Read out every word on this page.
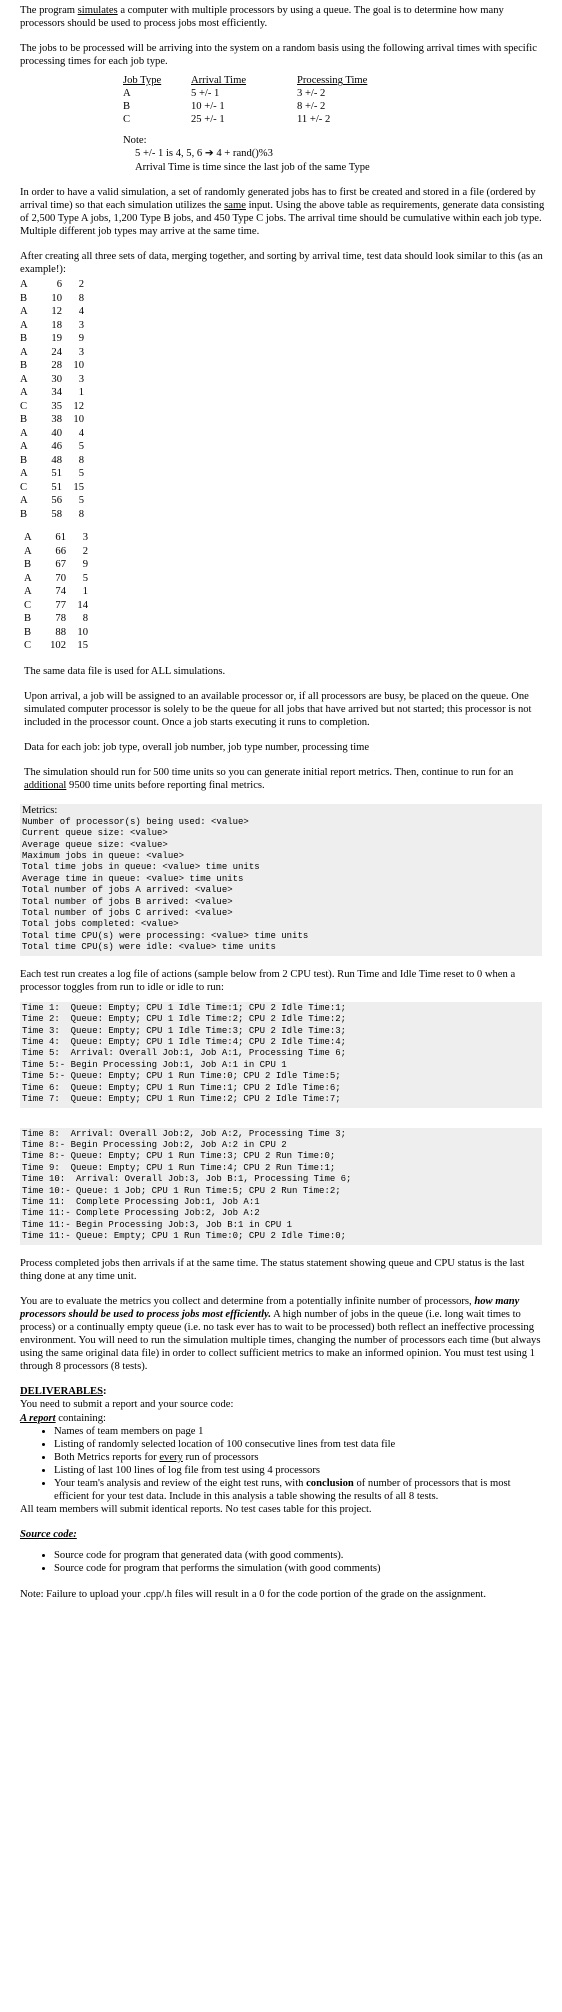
The program simulates a computer with multiple processors by using a queue. The goal is to determine how many processors should be used to process jobs most efficiently.

The jobs to be processed will be arriving into the system on a random basis using the following arrival times with specific processing times for each job type.

Job Type	Arrival Time	Processing Time
A	5 +/- 1	3 +/- 2
B	10 +/- 1	8 +/- 2
C	25 +/- 1	11 +/- 2

Note:

5 +/- 1 is 4, 5, 6 ➔ 4 + rand()%3

Arrival Time is time since the last job of the same Type

In order to have a valid simulation, a set of randomly generated jobs has to first be created and stored in a file (ordered by arrival time) so that each simulation utilizes the same input. Using the above table as requirements, generate data consisting of 2,500 Type A jobs, 1,200 Type B jobs, and 450 Type C jobs. The arrival time should be cumulative within each job type. Multiple different job types may arrive at the same time.

After creating all three sets of data, merging together, and sorting by arrival time, test data should look similar to this (as an example!):

A	6	2
B	10	8
A	12	4
A	18	3
B	19	9
A	24	3
B	28	10
A	30	3
A	34	1
C	35	12
B	38	10
A	40	4
A	46	5
B	48	8
A	51	5
C	51	15
A	56	5
B	58	8
A	61	3
A	66	2
B	67	9
A	70	5
A	74	1
C	77	14
B	78	8
B	88	10
C	102	15

The same data file is used for ALL simulations.

Upon arrival, a job will be assigned to an available processor or, if all processors are busy, be placed on the queue. One simulated computer processor is solely to be the queue for all jobs that have arrived but not started; this processor is not included in the processor count. Once a job starts executing it runs to completion.

Data for each job: job type, overall job number, job type number, processing time

The simulation should run for 500 time units so you can generate initial report metrics. Then, continue to run for an additional 9500 time units before reporting final metrics.

Metrics:
Number of processor(s) being used: <value>
Current queue size: <value>
Average queue size: <value>
Maximum jobs in queue: <value>
Total time jobs in queue: <value> time units
Average time in queue: <value> time units
Total number of jobs A arrived: <value>
Total number of jobs B arrived: <value>
Total number of jobs C arrived: <value>
Total jobs completed: <value>
Total time CPU(s) were processing: <value> time units
Total time CPU(s) were idle: <value> time units

Each test run creates a log file of actions (sample below from 2 CPU test). Run Time and Idle Time reset to 0 when a processor toggles from run to idle or idle to run:

Time 1:  Queue: Empty; CPU 1 Idle Time:1; CPU 2 Idle Time:1;
Time 2:  Queue: Empty; CPU 1 Idle Time:2; CPU 2 Idle Time:2;
Time 3:  Queue: Empty; CPU 1 Idle Time:3; CPU 2 Idle Time:3;
Time 4:  Queue: Empty; CPU 1 Idle Time:4; CPU 2 Idle Time:4;
Time 5:  Arrival: Overall Job:1, Job A:1, Processing Time 6;
Time 5:- Begin Processing Job:1, Job A:1 in CPU 1
Time 5:- Queue: Empty; CPU 1 Run Time:0; CPU 2 Idle Time:5;
Time 6:  Queue: Empty; CPU 1 Run Time:1; CPU 2 Idle Time:6;
Time 7:  Queue: Empty; CPU 1 Run Time:2; CPU 2 Idle Time:7;
Time 8:  Arrival: Overall Job:2, Job A:2, Processing Time 3;
Time 8:- Begin Processing Job:2, Job A:2 in CPU 2
Time 8:- Queue: Empty; CPU 1 Run Time:3; CPU 2 Run Time:0;
Time 9:  Queue: Empty; CPU 1 Run Time:4; CPU 2 Run Time:1;
Time 10:  Arrival: Overall Job:3, Job B:1, Processing Time 6;
Time 10:- Queue: 1 Job; CPU 1 Run Time:5; CPU 2 Run Time:2;
Time 11:  Complete Processing Job:1, Job A:1
Time 11:- Complete Processing Job:2, Job A:2
Time 11:- Begin Processing Job:3, Job B:1 in CPU 1
Time 11:- Queue: Empty; CPU 1 Run Time:0; CPU 2 Idle Time:0;

Process completed jobs then arrivals if at the same time. The status statement showing queue and CPU status is the last thing done at any time unit.

You are to evaluate the metrics you collect and determine from a potentially infinite number of processors, how many processors should be used to process jobs most efficiently. A high number of jobs in the queue (i.e. long wait times to process) or a continually empty queue (i.e. no task ever has to wait to be processed) both reflect an ineffective processing environment. You will need to run the simulation multiple times, changing the number of processors each time (but always using the same original data file) in order to collect sufficient metrics to make an informed opinion. You must test using 1 through 8 processors (8 tests).

DELIVERABLES:

You need to submit a report and your source code:

A report containing:

• Names of team members on page 1
• Listing of randomly selected location of 100 consecutive lines from test data file
• Both Metrics reports for every run of processors
• Listing of last 100 lines of log file from test using 4 processors
• Your team's analysis and review of the eight test runs, with conclusion of number of processors that is most efficient for your test data. Include in this analysis a table showing the results of all 8 tests.

All team members will submit identical reports. No test cases table for this project.

Source code:

• Source code for program that generated data (with good comments).
• Source code for program that performs the simulation (with good comments)

Note: Failure to upload your .cpp/.h files will result in a 0 for the code portion of the grade on the assignment.
